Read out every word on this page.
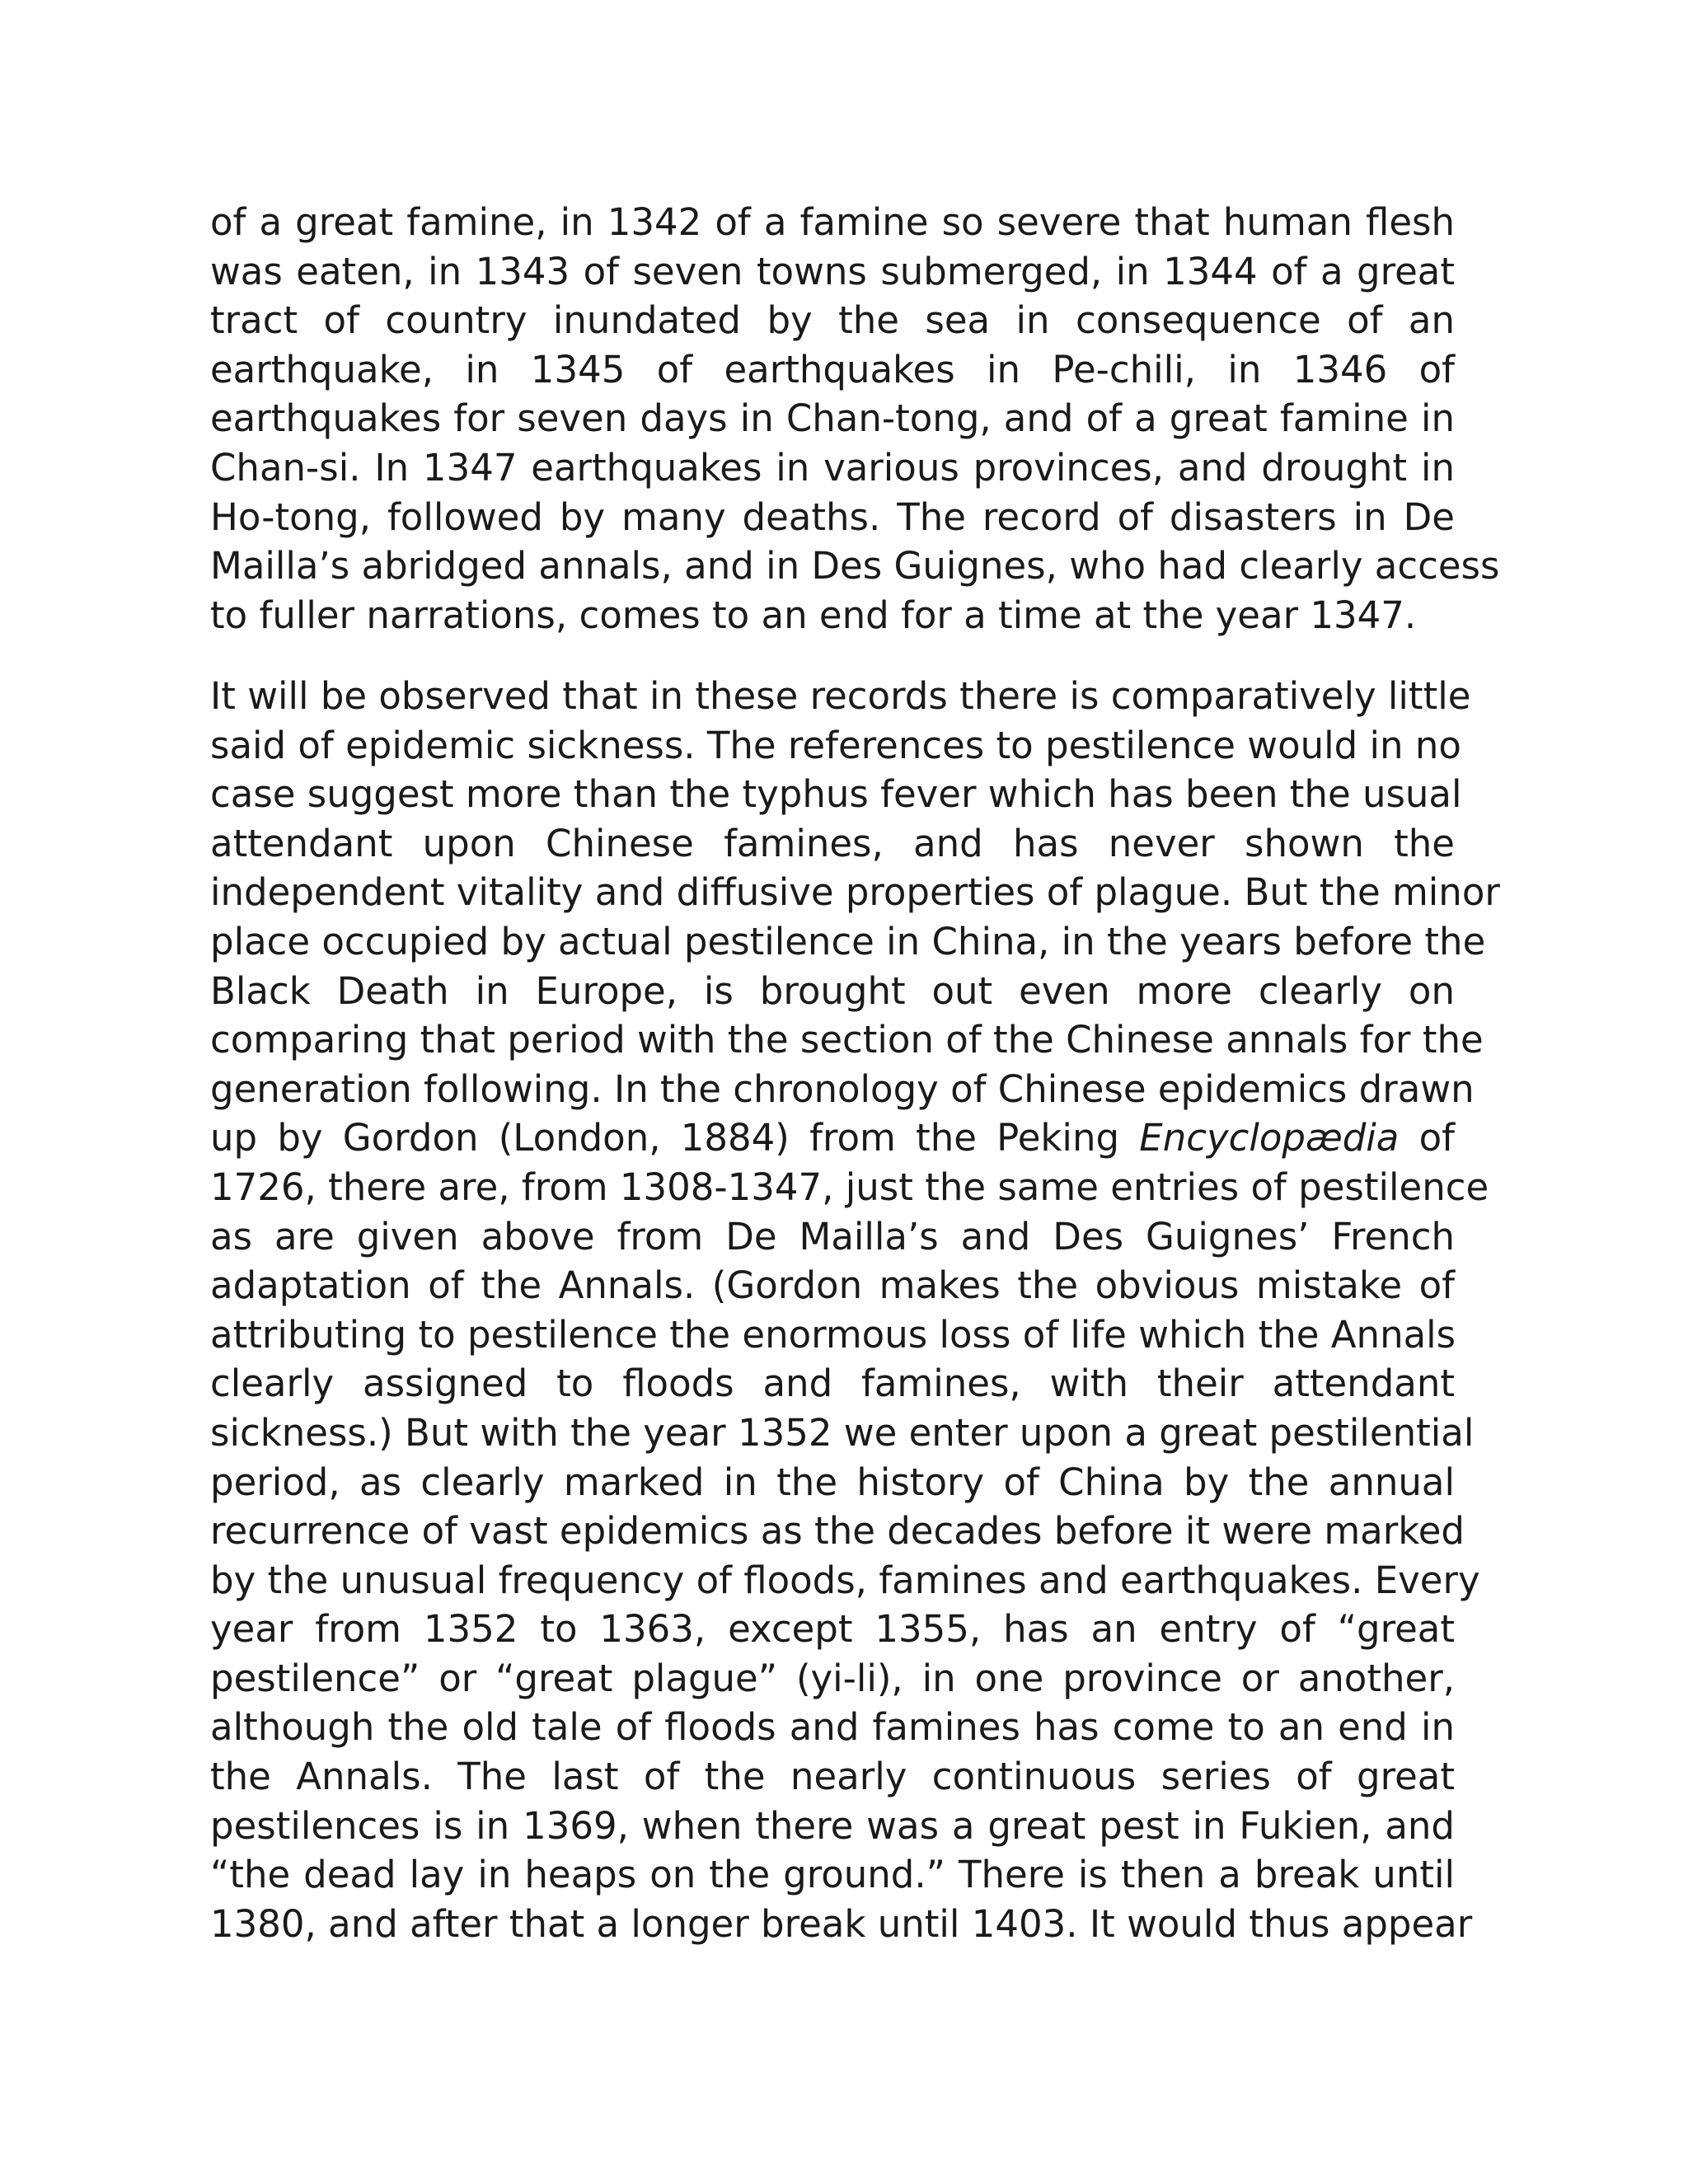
of a great famine, in 1342 of a famine so severe that human flesh
was eaten, in 1343 of seven towns submerged, in 1344 of a great
tract of country inundated by the sea in consequence of an
earthquake, in 1345 of earthquakes in Pe-chili, in 1346 of
earthquakes for seven days in Chan-tong, and of a great famine in
Chan-si. In 1347 earthquakes in various provinces, and drought in
Ho-tong, followed by many deaths. The record of disasters in De
Mailla’s abridged annals, and in Des Guignes, who had clearly access
to fuller narrations, comes to an end for a time at the year 1347.
It will be observed that in these records there is comparatively little
said of epidemic sickness. The references to pestilence would in no
case suggest more than the typhus fever which has been the usual
attendant upon Chinese famines, and has never shown the
independent vitality and diffusive properties of plague. But the minor
place occupied by actual pestilence in China, in the years before the
Black Death in Europe, is brought out even more clearly on
comparing that period with the section of the Chinese annals for the
generation following. In the chronology of Chinese epidemics drawn
up by Gordon (London, 1884) from the Peking Encyclopædia of
1726, there are, from 1308-1347, just the same entries of pestilence
as are given above from De Mailla’s and Des Guignes’ French
adaptation of the Annals. (Gordon makes the obvious mistake of
attributing to pestilence the enormous loss of life which the Annals
clearly assigned to floods and famines, with their attendant
sickness.) But with the year 1352 we enter upon a great pestilential
period, as clearly marked in the history of China by the annual
recurrence of vast epidemics as the decades before it were marked
by the unusual frequency of floods, famines and earthquakes. Every
year from 1352 to 1363, except 1355, has an entry of “great
pestilence” or “great plague” (yi-li), in one province or another,
although the old tale of floods and famines has come to an end in
the Annals. The last of the nearly continuous series of great
pestilences is in 1369, when there was a great pest in Fukien, and
“the dead lay in heaps on the ground.” There is then a break until
1380, and after that a longer break until 1403. It would thus appear
